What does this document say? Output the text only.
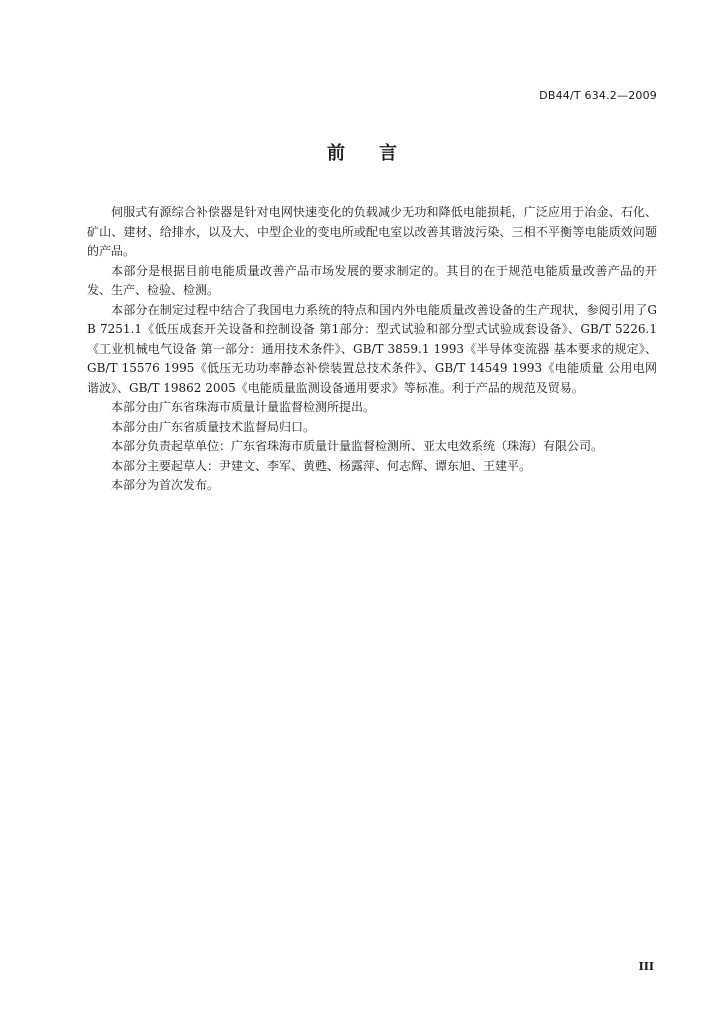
DB44/T 634.2—2009
前 言

伺服式有源综合补偿器是针对电网快速变化的负载减少无功和降低电能损耗，广泛应用于冶金、石化、矿山、建材、给排水，以及大、中型企业的变电所或配电室以改善其谐波污染、三相不平衡等电能质效问题的产品。

本部分是根据目前电能质量改善产品市场发展的要求制定的。其目的在于规范电能质量改善产品的开发、生产、检验、检测。

本部分在制定过程中结合了我国电力系统的特点和国内外电能质量改善设备的生产现状，参阅引用了GB 7251.1《低压成套开关设备和控制设备 第1部分：型式试验和部分型式试验成套设备》、GB/T 5226.1《工业机械电气设备 第一部分：通用技术条件》、GB/T 3859.1 1993《半导体变流器 基本要求的规定》、GB/T 15576 1995《低压无功功率静态补偿装置总技术条件》、GB/T 14549 1993《电能质量 公用电网谐波》、GB/T 19862 2005《电能质量监测设备通用要求》等标准。利于产品的规范及贸易。

本部分由广东省珠海市质量计量监督检测所提出。

本部分由广东省质量技术监督局归口。

本部分负责起草单位：广东省珠海市质量计量监督检测所、亚太电效系统（珠海）有限公司。

本部分主要起草人：尹建文、李军、黄甦、杨露萍、何志辉、谭东旭、王建平。

本部分为首次发布。

III
